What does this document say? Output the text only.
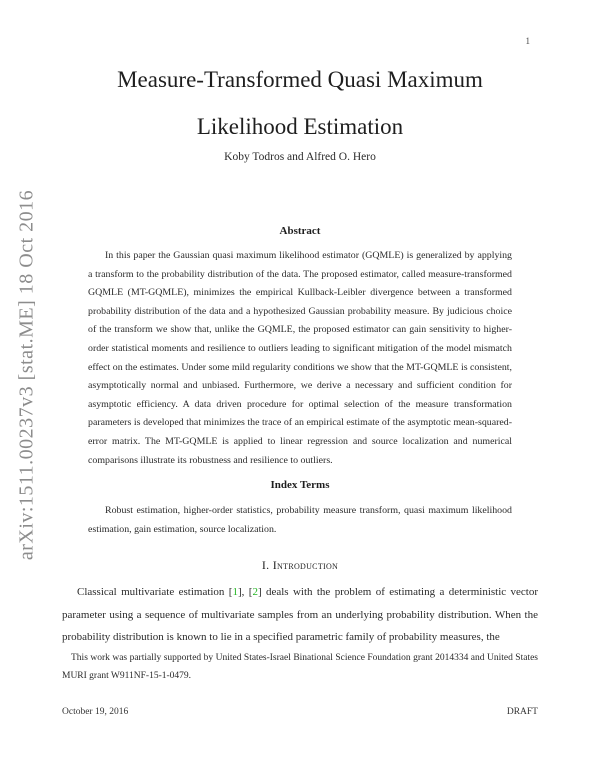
1
arXiv:1511.00237v3 [stat.ME] 18 Oct 2016
Measure-Transformed Quasi Maximum
Likelihood Estimation
Koby Todros and Alfred O. Hero
Abstract

In this paper the Gaussian quasi maximum likelihood estimator (GQMLE) is generalized by applying a transform to the probability distribution of the data. The proposed estimator, called measure-transformed GQMLE (MT-GQMLE), minimizes the empirical Kullback-Leibler divergence between a transformed probability distribution of the data and a hypothesized Gaussian probability measure. By judicious choice of the transform we show that, unlike the GQMLE, the proposed estimator can gain sensitivity to higher-order statistical moments and resilience to outliers leading to significant mitigation of the model mismatch effect on the estimates. Under some mild regularity conditions we show that the MT-GQMLE is consistent, asymptotically normal and unbiased. Furthermore, we derive a necessary and sufficient condition for asymptotic efficiency. A data driven procedure for optimal selection of the measure transformation parameters is developed that minimizes the trace of an empirical estimate of the asymptotic mean-squared-error matrix. The MT-GQMLE is applied to linear regression and source localization and numerical comparisons illustrate its robustness and resilience to outliers.

Index Terms

Robust estimation, higher-order statistics, probability measure transform, quasi maximum likelihood estimation, gain estimation, source localization.

I. Introduction

Classical multivariate estimation [1], [2] deals with the problem of estimating a deterministic vector parameter using a sequence of multivariate samples from an underlying probability distribution. When the probability distribution is known to lie in a specified parametric family of probability measures, the

This work was partially supported by United States-Israel Binational Science Foundation grant 2014334 and United States MURI grant W911NF-15-1-0479.

October 19, 2016	DRAFT
